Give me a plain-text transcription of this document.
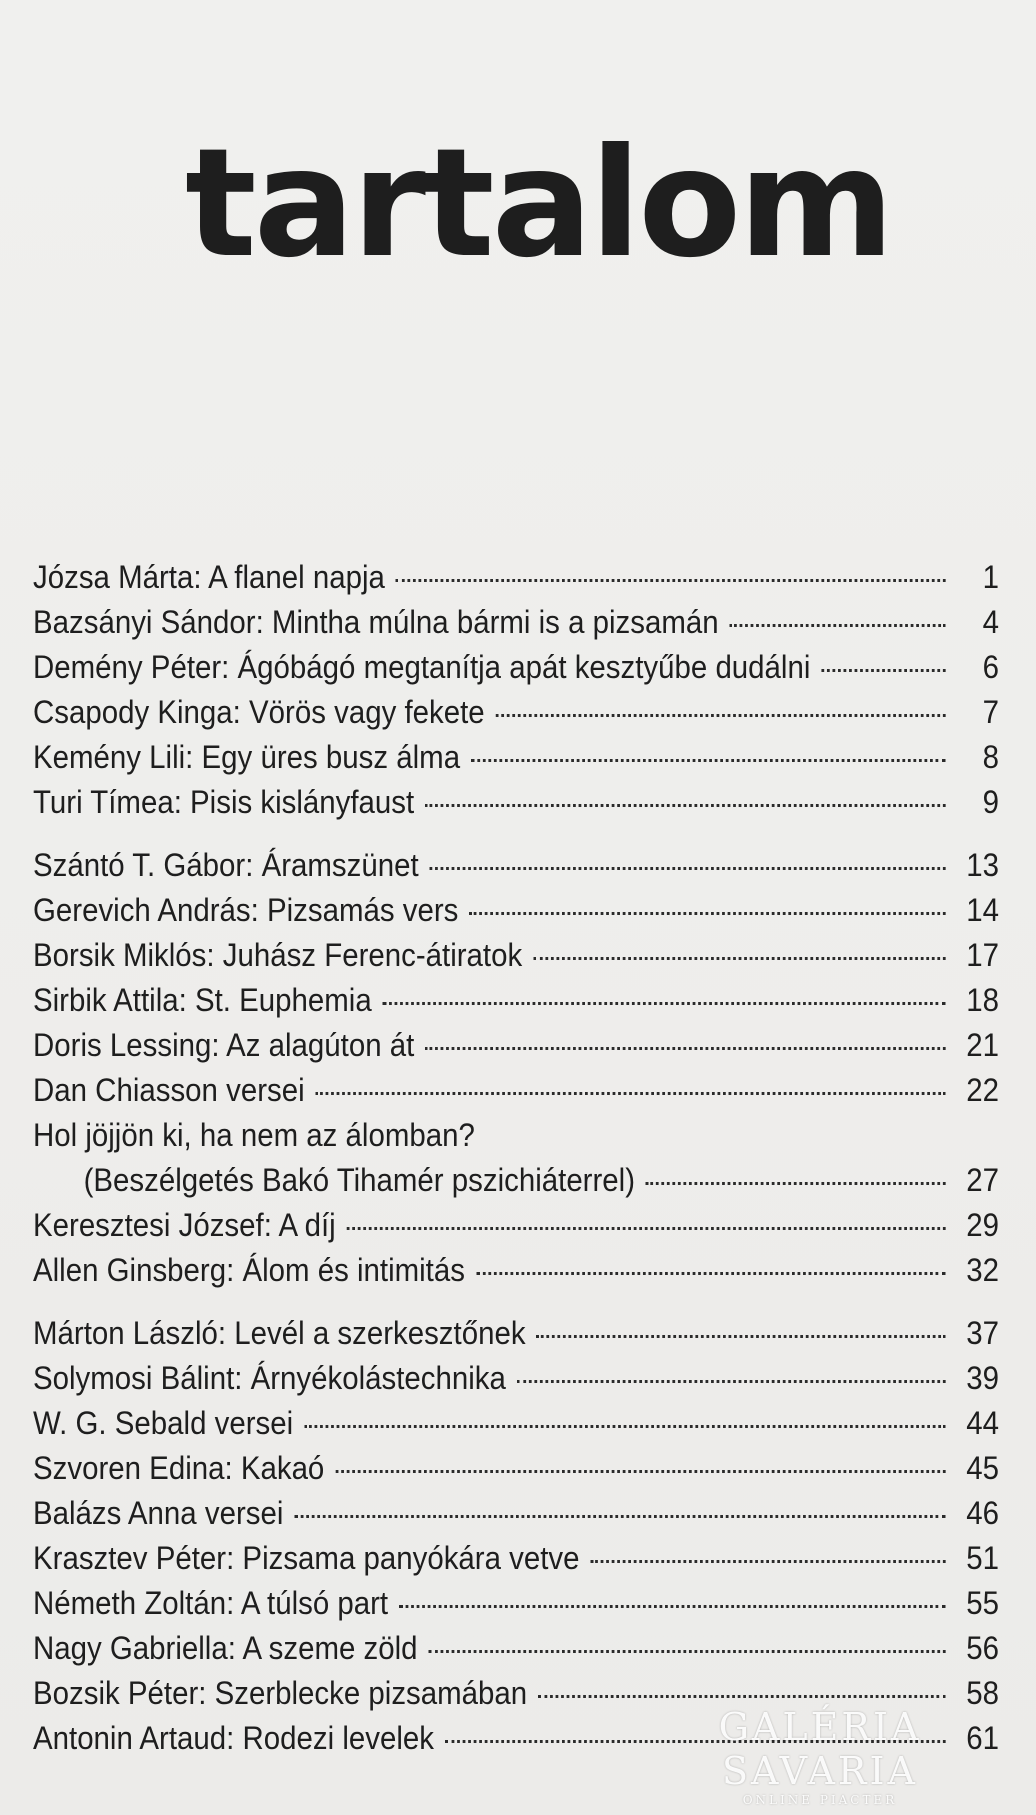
tartalom
Józsa Márta: A flanel napja	1
Bazsányi Sándor: Mintha múlna bármi is a pizsamán	4
Demény Péter: Ágóbágó megtanítja apát kesztyűbe dudálni	6
Csapody Kinga: Vörös vagy fekete	7
Kemény Lili: Egy üres busz álma	8
Turi Tímea: Pisis kislányfaust	9
Szántó T. Gábor: Áramszünet	13
Gerevich András: Pizsamás vers	14
Borsik Miklós: Juhász Ferenc-átiratok	17
Sirbik Attila: St. Euphemia	18
Doris Lessing: Az alagúton át	21
Dan Chiasson versei	22
Hol jöjjön ki, ha nem az álomban?
(Beszélgetés Bakó Tihamér pszichiáterrel)	27
Keresztesi József: A díj	29
Allen Ginsberg: Álom és intimitás	32
Márton László: Levél a szerkesztőnek	37
Solymosi Bálint: Árnyékolástechnika	39
W. G. Sebald versei	44
Szvoren Edina: Kakaó	45
Balázs Anna versei	46
Krasztev Péter: Pizsama panyókára vetve	51
Németh Zoltán: A túlsó part	55
Nagy Gabriella: A szeme zöld	56
Bozsik Péter: Szerblecke pizsamában	58
Antonin Artaud: Rodezi levelek	61
GALÉRIA SAVARIA
ONLINE PIACTER
